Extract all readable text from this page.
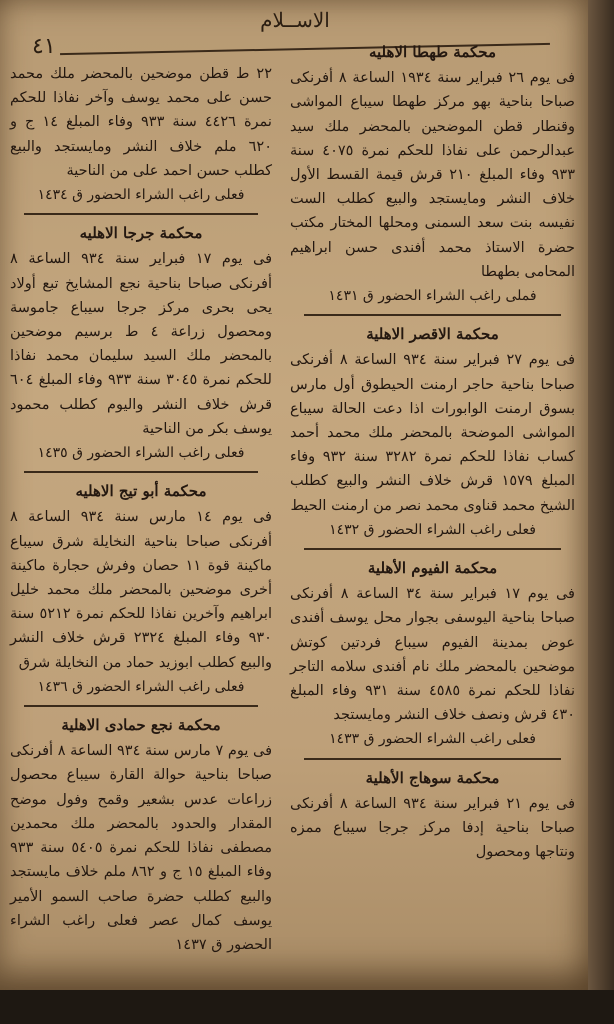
الاســلام
٤١	محكمة طهطا الاهليه

فى يوم ٢٦ فبراير سنة ١٩٣٤ الساعة ٨ أفرنكى صباحا بناحية بهو مركز طهطا سيباع المواشى وقنطار قطن الموضحين بالمحضر ملك سيد عبدالرحمن على نفاذا للحكم نمرة ٤٠٧٥ سنة ٩٣٣ وفاء المبلغ ٢١٠ قرش قيمة القسط الأول خلاف النشر ومايستجد والبيع كطلب الست نفيسه بنت سعد السمنى ومحلها المختار مكتب حضرة الاستاذ محمد أفندى حسن ابراهيم المحامى بطهطا

فملى راغب الشراء الحضور ق ١٤٣١

محكمة الاقصر الاهلية

فى يوم ٢٧ فبراير سنة ٩٣٤ الساعة ٨ أفرنكى صباحا بناحية حاجر ارمنت الحيطوق أول مارس بسوق ارمنت الوابورات اذا دعت الحالة سيباع المواشى الموضحة بالمحضر ملك محمد أحمد كساب نفاذا للحكم نمرة ٣٢٨٢ سنة ٩٣٢ وفاء المبلغ ١٥٧٩ قرش خلاف النشر والبيع كطلب الشيخ محمد قناوى محمد نصر من ارمنت الحيط

فعلى راغب الشراء الحضور ق ١٤٣٢

محكمة الفيوم الأهلية

فى يوم ١٧ فبراير سنة ٣٤ الساعة ٨ أفرنكى صباحا بناحية اليوسفى بجوار محل يوسف أفندى عوض بمدينة الفيوم سيباع فردتين كوتش موضحين بالمحضر ملك نام أفندى سلامه التاجر نفاذا للحكم نمرة ٤٥٨٥ سنة ٩٣١ وفاء المبلغ ٤٣٠ قرش ونصف خلاف النشر ومايستجد

فعلى راغب الشراء الحضور ق ١٤٣٣

محكمة سوهاج الأهلية

فى يوم ٢١ فبراير سنة ٩٣٤ الساعة ٨ أفرنكى صباحا بناحية إدفا مركز جرجا سيباع ممزه ونتاجها ومحصول

٢٢ ط قطن موضحين بالمحضر ملك محمد حسن على محمد يوسف وآخر نفاذا للحكم نمرة ٤٤٢٦ سنة ٩٣٣ وفاء المبلغ ١٤ ج و ٦٢٠ ملم خلاف النشر ومايستجد والبيع كطلب حسن احمد على من الناحية

فعلى راغب الشراء الحضور ق ١٤٣٤

محكمة جرجا الاهليه

فى يوم ١٧ فبراير سنة ٩٣٤ الساعة ٨ أفرنكى صباحا بناحية نجع المشايخ تبع أولاد يحى بحرى مركز جرجا سيباع جاموسة ومحصول زراعة ٤ ط برسيم موضحين بالمحضر ملك السيد سليمان محمد نفاذا للحكم نمرة ٣٠٤٥ سنة ٩٣٣ وفاء المبلغ ٦٠٤ قرش خلاف النشر واليوم كطلب محمود يوسف بكر من الناحية

فعلى راغب الشراء الحضور ق ١٤٣٥

محكمة أبو تيج الاهليه

فى يوم ١٤ مارس سنة ٩٣٤ الساعة ٨ أفرنكى صباحا بناحية النخايلة شرق سيباع ماكينة قوة ١١ حصان وفرش حجارة ماكينة أخرى موضحين بالمحضر ملك محمد خليل ابراهيم وآخرين نفاذا للحكم نمرة ٥٢١٢ سنة ٩٣٠ وفاء المبلغ ٢٣٢٤ قرش خلاف النشر والبيع كطلب ابوزيد حماد من النخايلة شرق

فعلى راغب الشراء الحضور ق ١٤٣٦

محكمة نجع حمادى الاهلية

فى يوم ٧ مارس سنة ٩٣٤ الساعة ٨ أفرنكى صباحا بناحية حوالة القارة سيباع محصول زراعات عدس بشعير وقمح وفول موضح المقدار والحدود بالمحضر ملك محمدين مصطفى نفاذا للحكم نمرة ٥٤٠٥ سنة ٩٣٣ وفاء المبلغ ١٥ ج و ٨٦٢ ملم خلاف مايستجد والبيع كطلب حضرة صاحب السمو الأمير يوسف كمال عصر فعلى راغب الشراء الحضور ق ١٤٣٧
